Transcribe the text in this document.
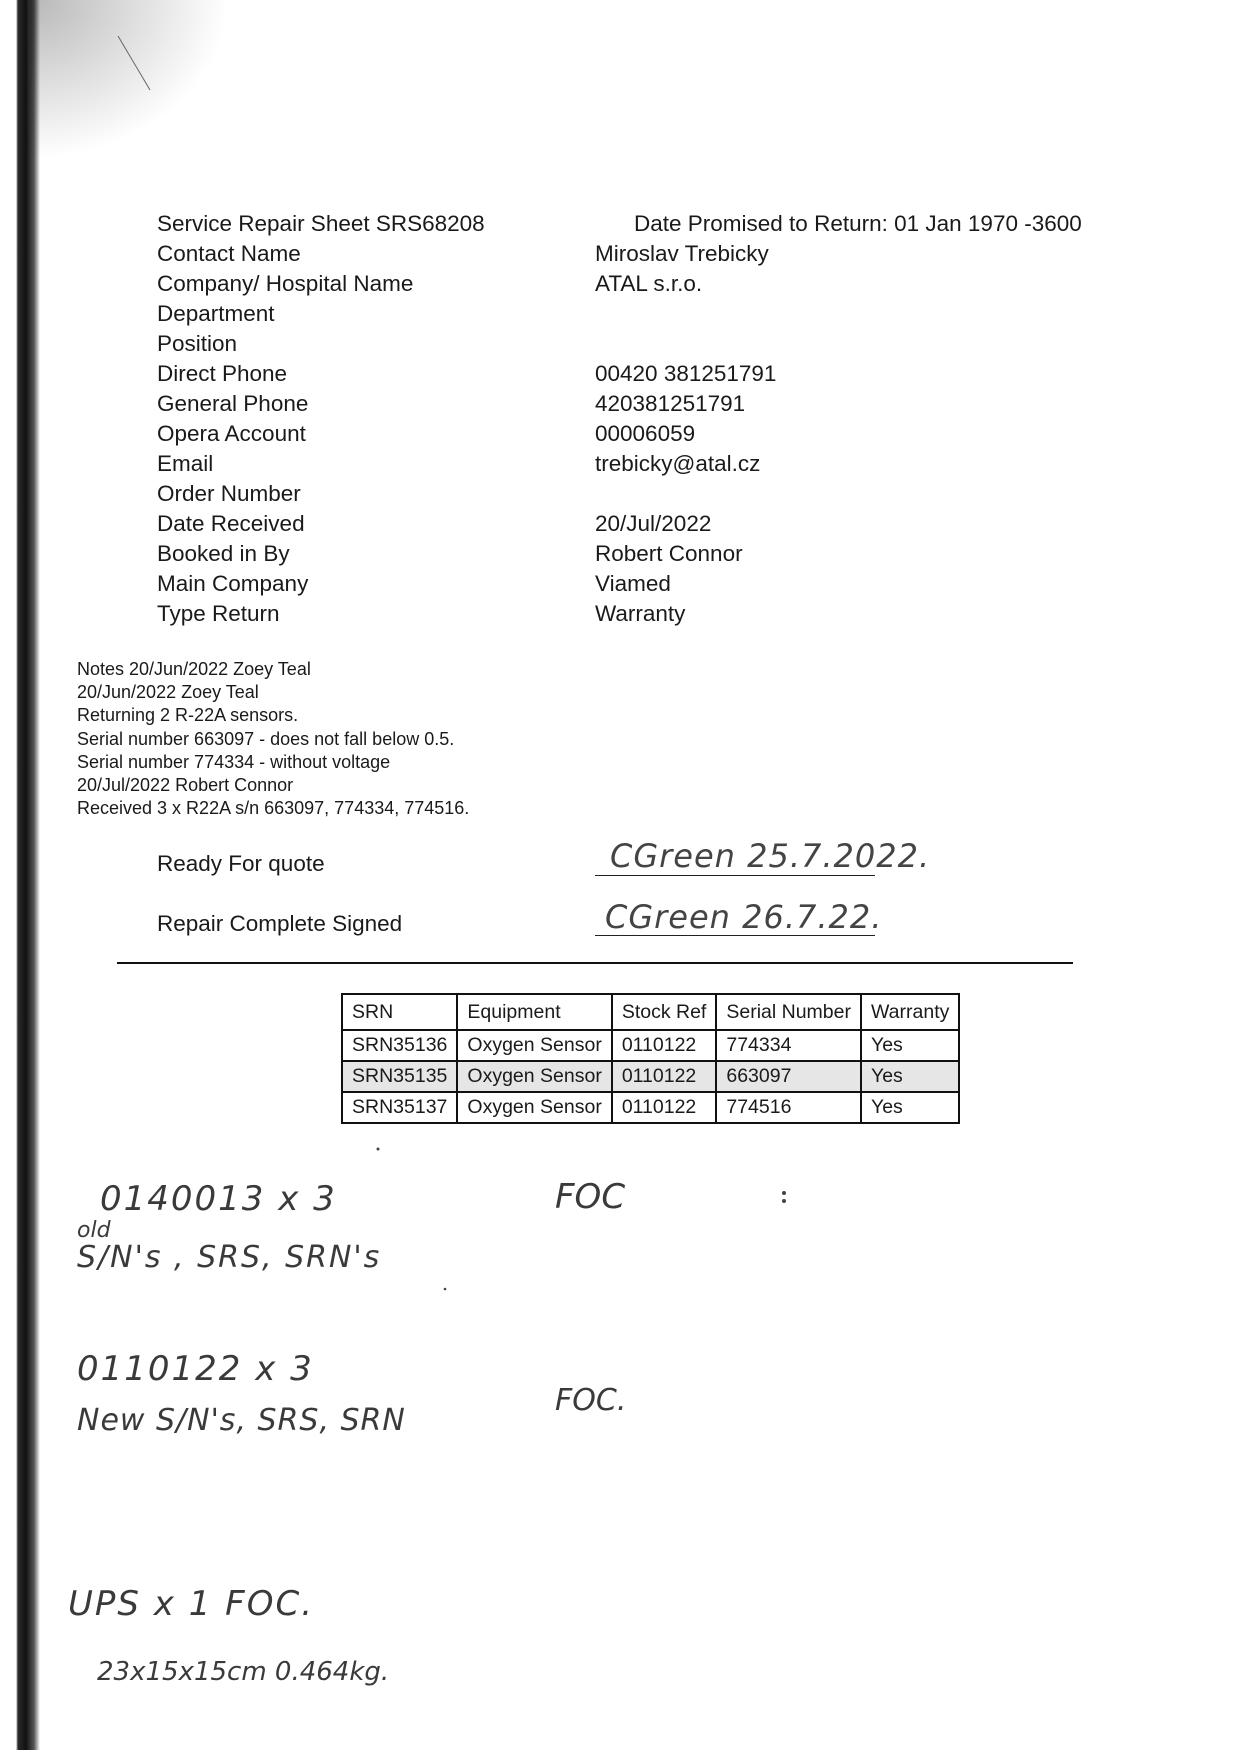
Service Repair Sheet SRS68208	Date Promised to Return: 01 Jan 1970 -3600
Contact Name	Miroslav Trebicky
Company/ Hospital Name	ATAL s.r.o.
Department
Position
Direct Phone	00420 381251791
General Phone	420381251791
Opera Account	00006059
Email	trebicky@atal.cz
Order Number
Date Received	20/Jul/2022
Booked in By	Robert Connor
Main Company	Viamed
Type Return	Warranty
Notes 20/Jun/2022 Zoey Teal
20/Jun/2022 Zoey Teal
Returning 2 R-22A sensors.
Serial number 663097 - does not fall below 0.5.
Serial number 774334 - without voltage
20/Jul/2022 Robert Connor
Received 3 x R22A s/n 663097, 774334, 774516.
Ready For quote	CGreen 25.7.2022.
Repair Complete Signed	CGreen 26.7.22.
SRN	Equipment	Stock Ref	Serial Number	Warranty
SRN35136	Oxygen Sensor	0110122	774334	Yes
SRN35135	Oxygen Sensor	0110122	663097	Yes
SRN35137	Oxygen Sensor	0110122	774516	Yes
0140013 x 3	FOC
old
S/N's , SRS, SRN's
0110122 x 3
New S/N's, SRS, SRN
FOC.
UPS x 1 FOC.
23x15x15cm 0.464kg.
